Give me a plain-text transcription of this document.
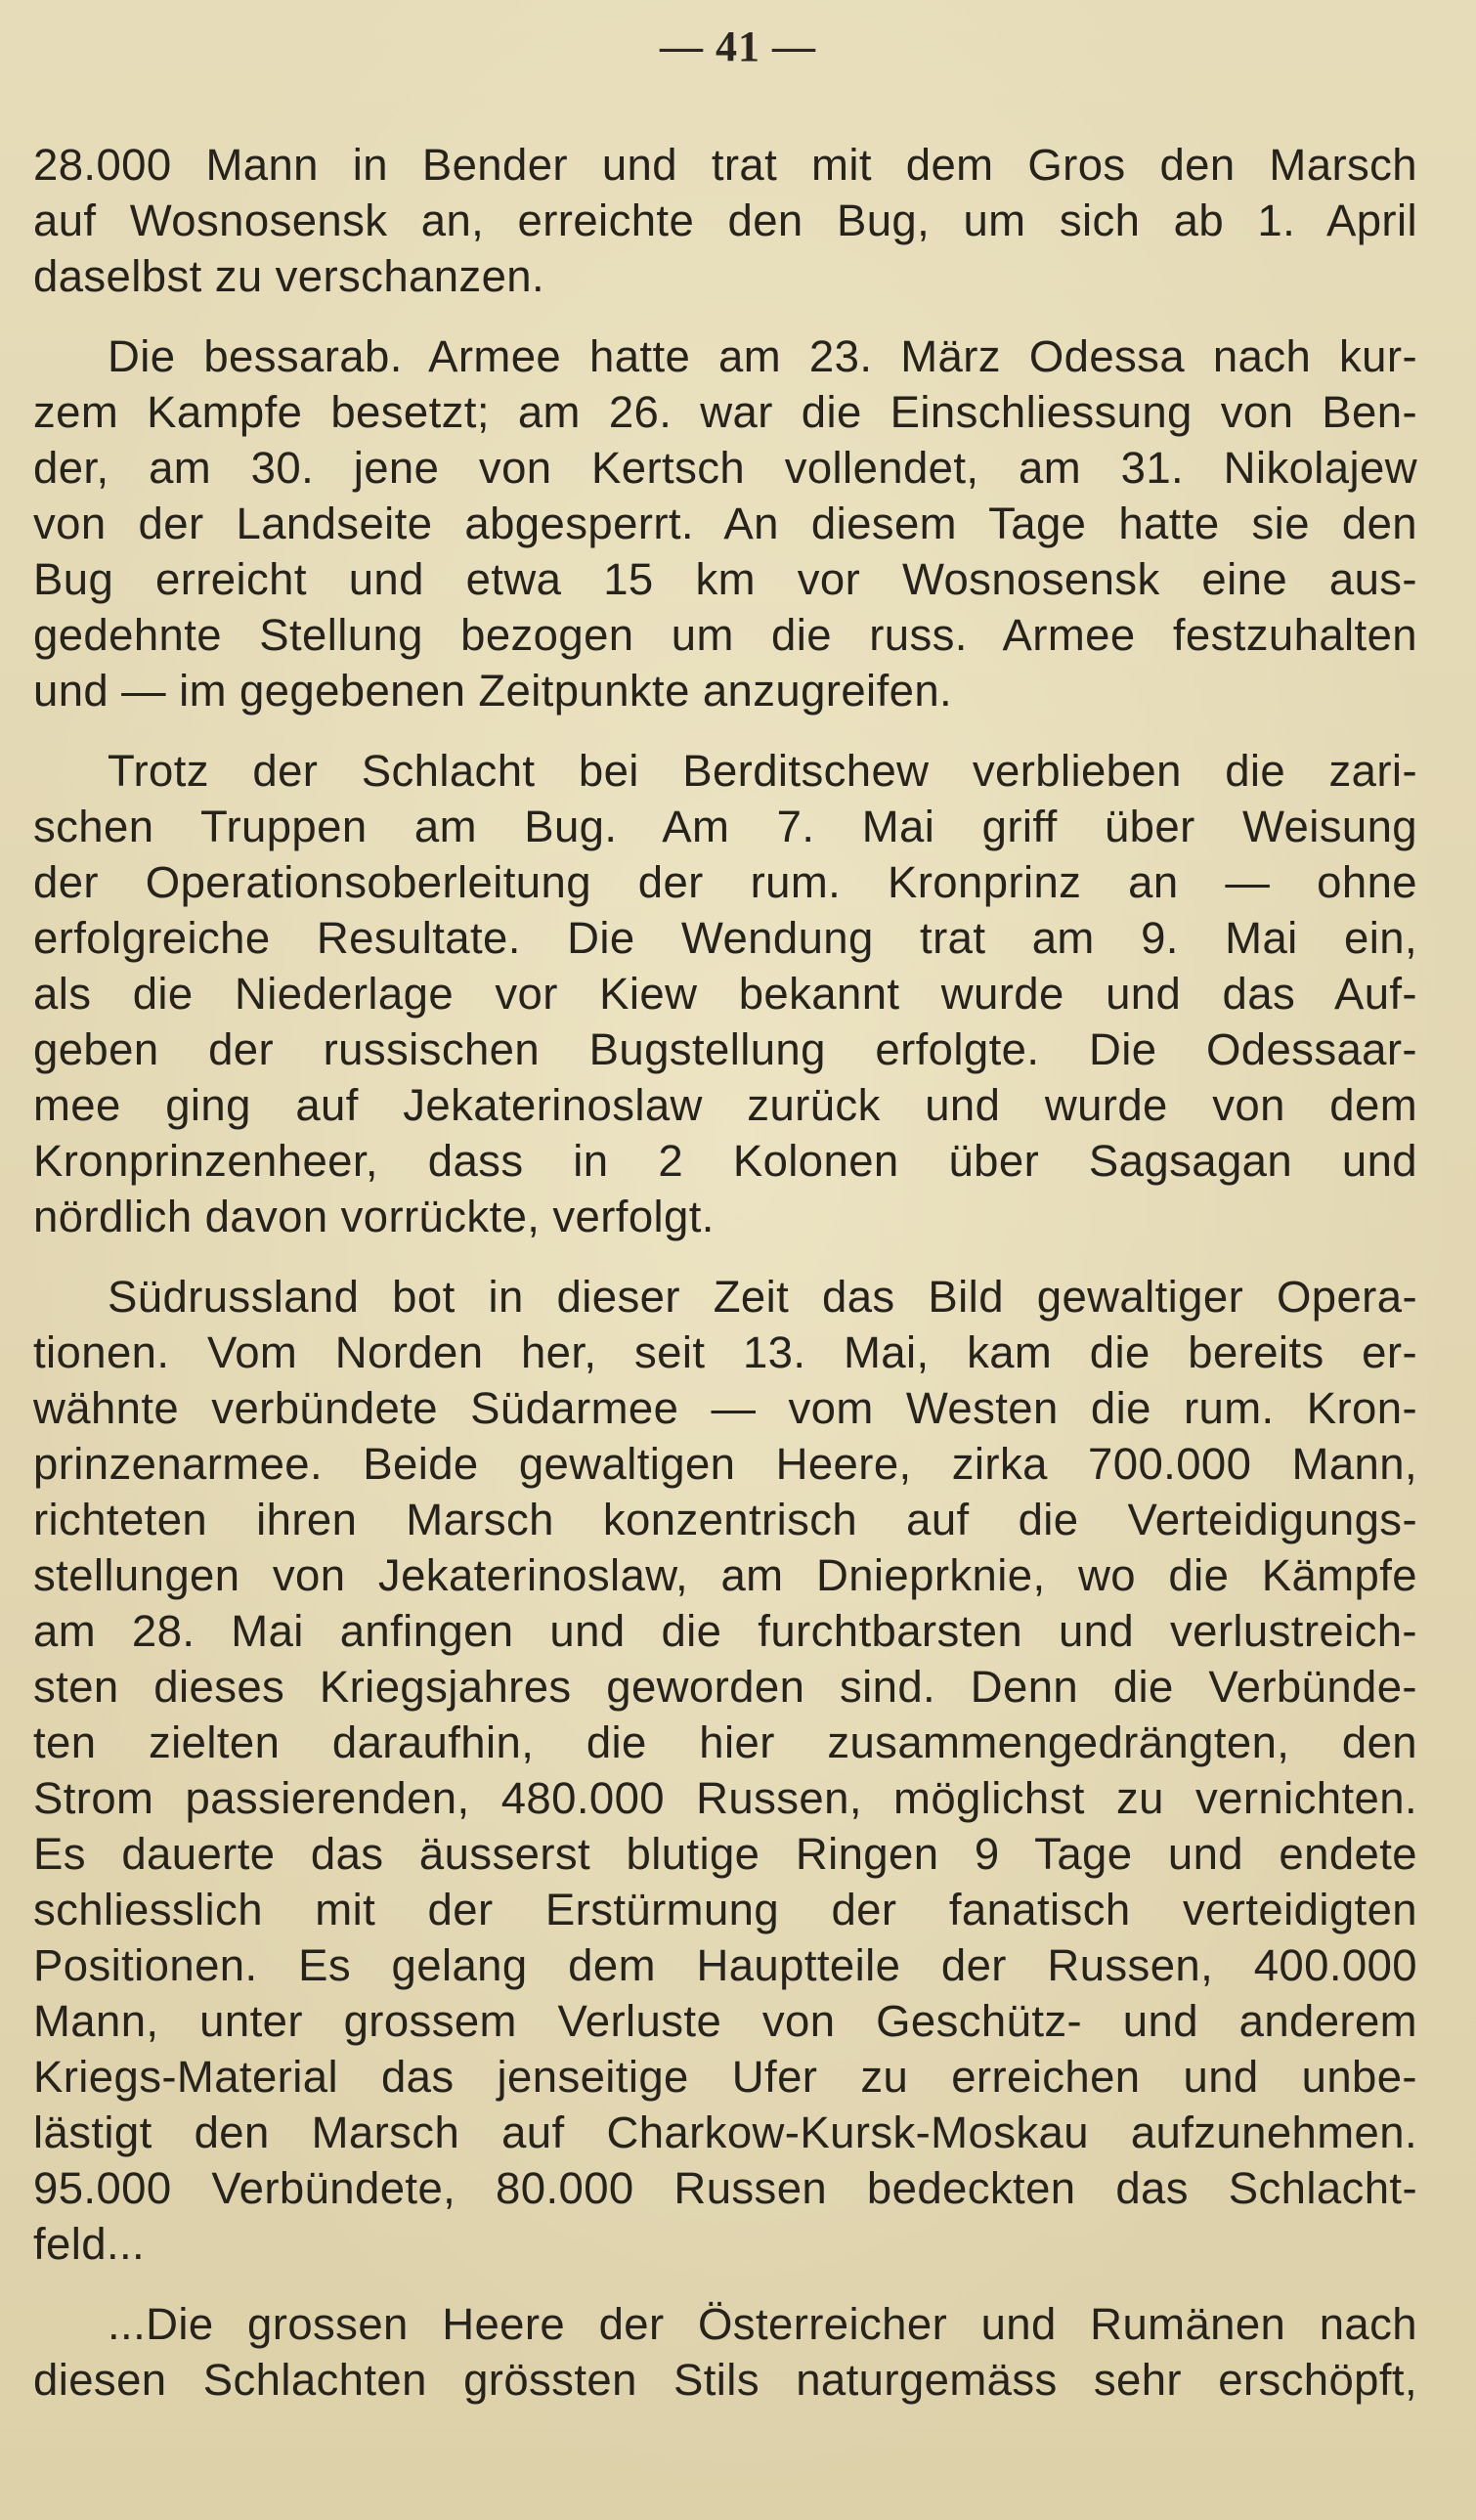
— 41 —
28.000 Mann in Bender und trat mit dem Gros den Marsch
auf Wosnosensk an, erreichte den Bug, um sich ab 1. April
daselbst zu verschanzen.
Die bessarab. Armee hatte am 23. März Odessa nach kur-
zem Kampfe besetzt; am 26. war die Einschliessung von Ben-
der, am 30. jene von Kertsch vollendet, am 31. Nikolajew
von der Landseite abgesperrt. An diesem Tage hatte sie den
Bug erreicht und etwa 15 km vor Wosnosensk eine aus-
gedehnte Stellung bezogen um die russ. Armee festzuhalten
und — im gegebenen Zeitpunkte anzugreifen.
Trotz der Schlacht bei Berditschew verblieben die zari-
schen Truppen am Bug. Am 7. Mai griff über Weisung
der Operationsoberleitung der rum. Kronprinz an — ohne
erfolgreiche Resultate. Die Wendung trat am 9. Mai ein,
als die Niederlage vor Kiew bekannt wurde und das Auf-
geben der russischen Bugstellung erfolgte. Die Odessaar-
mee ging auf Jekaterinoslaw zurück und wurde von dem
Kronprinzenheer, dass in 2 Kolonen über Sagsagan und
nördlich davon vorrückte, verfolgt.
Südrussland bot in dieser Zeit das Bild gewaltiger Opera-
tionen. Vom Norden her, seit 13. Mai, kam die bereits er-
wähnte verbündete Südarmee — vom Westen die rum. Kron-
prinzenarmee. Beide gewaltigen Heere, zirka 700.000 Mann,
richteten ihren Marsch konzentrisch auf die Verteidigungs-
stellungen von Jekaterinoslaw, am Dnieprknie, wo die Kämpfe
am 28. Mai anfingen und die furchtbarsten und verlustreich-
sten dieses Kriegsjahres geworden sind. Denn die Verbünde-
ten zielten daraufhin, die hier zusammengedrängten, den
Strom passierenden, 480.000 Russen, möglichst zu vernichten.
Es dauerte das äusserst blutige Ringen 9 Tage und endete
schliesslich mit der Erstürmung der fanatisch verteidigten
Positionen. Es gelang dem Hauptteile der Russen, 400.000
Mann, unter grossem Verluste von Geschütz- und anderem
Kriegs-Material das jenseitige Ufer zu erreichen und unbe-
lästigt den Marsch auf Charkow-Kursk-Moskau aufzunehmen.
95.000 Verbündete, 80.000 Russen bedeckten das Schlacht-
feld...
...Die grossen Heere der Österreicher und Rumänen nach
diesen Schlachten grössten Stils naturgemäss sehr erschöpft,
